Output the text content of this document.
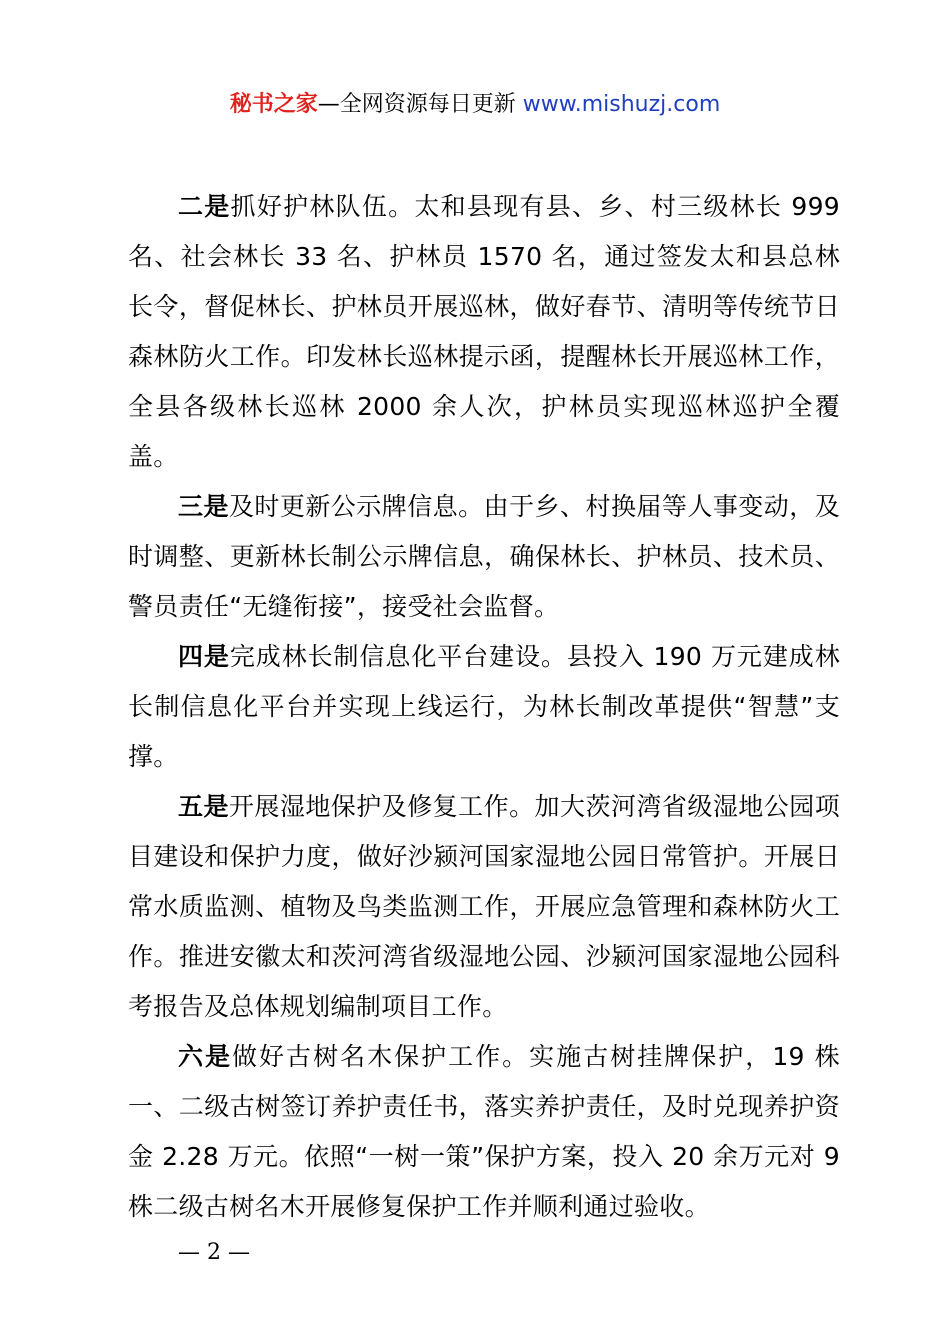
秘书之家—全网资源每日更新 www.mishuzj.com

二是抓好护林队伍。太和县现有县、乡、村三级林长 999 名、社会林长 33 名、护林员 1570 名，通过签发太和县总林长令，督促林长、护林员开展巡林，做好春节、清明等传统节日森林防火工作。印发林长巡林提示函，提醒林长开展巡林工作，全县各级林长巡林 2000 余人次，护林员实现巡林巡护全覆盖。

三是及时更新公示牌信息。由于乡、村换届等人事变动，及时调整、更新林长制公示牌信息，确保林长、护林员、技术员、警员责任“无缝衔接”，接受社会监督。

四是完成林长制信息化平台建设。县投入 190 万元建成林长制信息化平台并实现上线运行，为林长制改革提供“智慧”支撑。

五是开展湿地保护及修复工作。加大茨河湾省级湿地公园项目建设和保护力度，做好沙颍河国家湿地公园日常管护。开展日常水质监测、植物及鸟类监测工作，开展应急管理和森林防火工作。推进安徽太和茨河湾省级湿地公园、沙颍河国家湿地公园科考报告及总体规划编制项目工作。

六是做好古树名木保护工作。实施古树挂牌保护，19 株一、二级古树签订养护责任书，落实养护责任，及时兑现养护资金 2.28 万元。依照“一树一策”保护方案，投入 20 余万元对 9 株二级古树名木开展修复保护工作并顺利通过验收。

— 2 —
